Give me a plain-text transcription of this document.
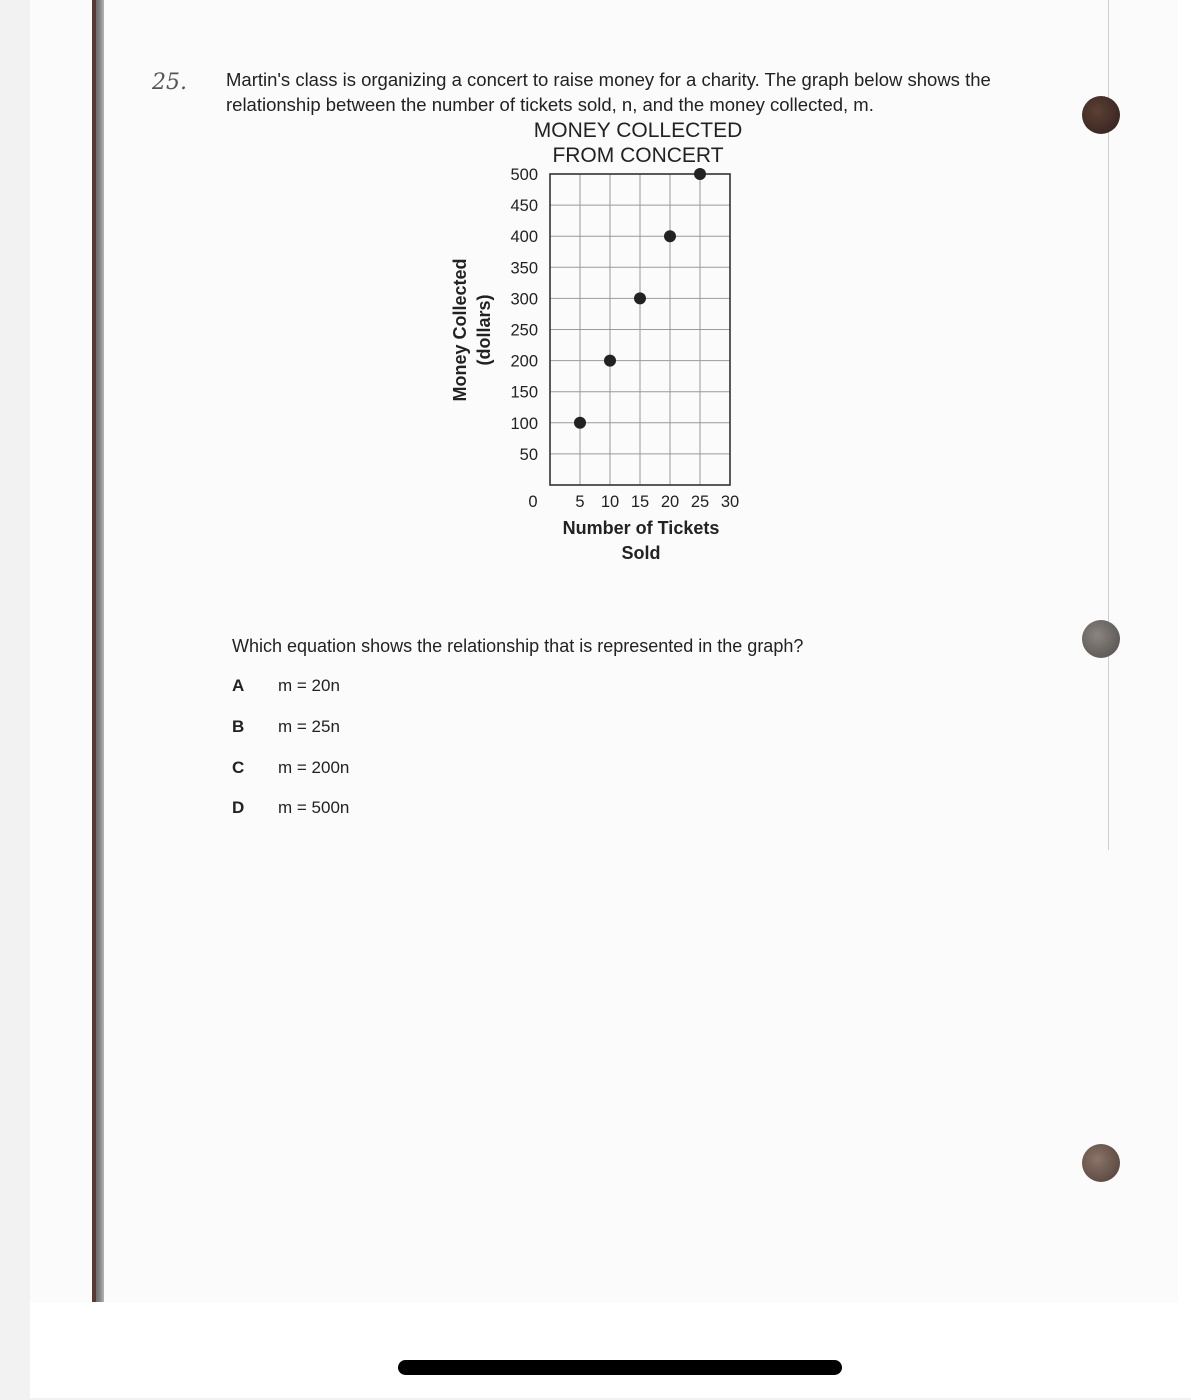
25. Martin's class is organizing a concert to raise money for a charity. The graph below shows the relationship between the number of tickets sold, n, and the money collected, m.
MONEY COLLECTED
FROM CONCERT
50
100
150
200
250
300
350
400
450
500
0 5 10 15 20 25 30
Number of Tickets
Sold
Money Collected (dollars)
Which equation shows the relationship that is represented in the graph?
A m = 20n
B m = 25n
C m = 200n
D m = 500n
